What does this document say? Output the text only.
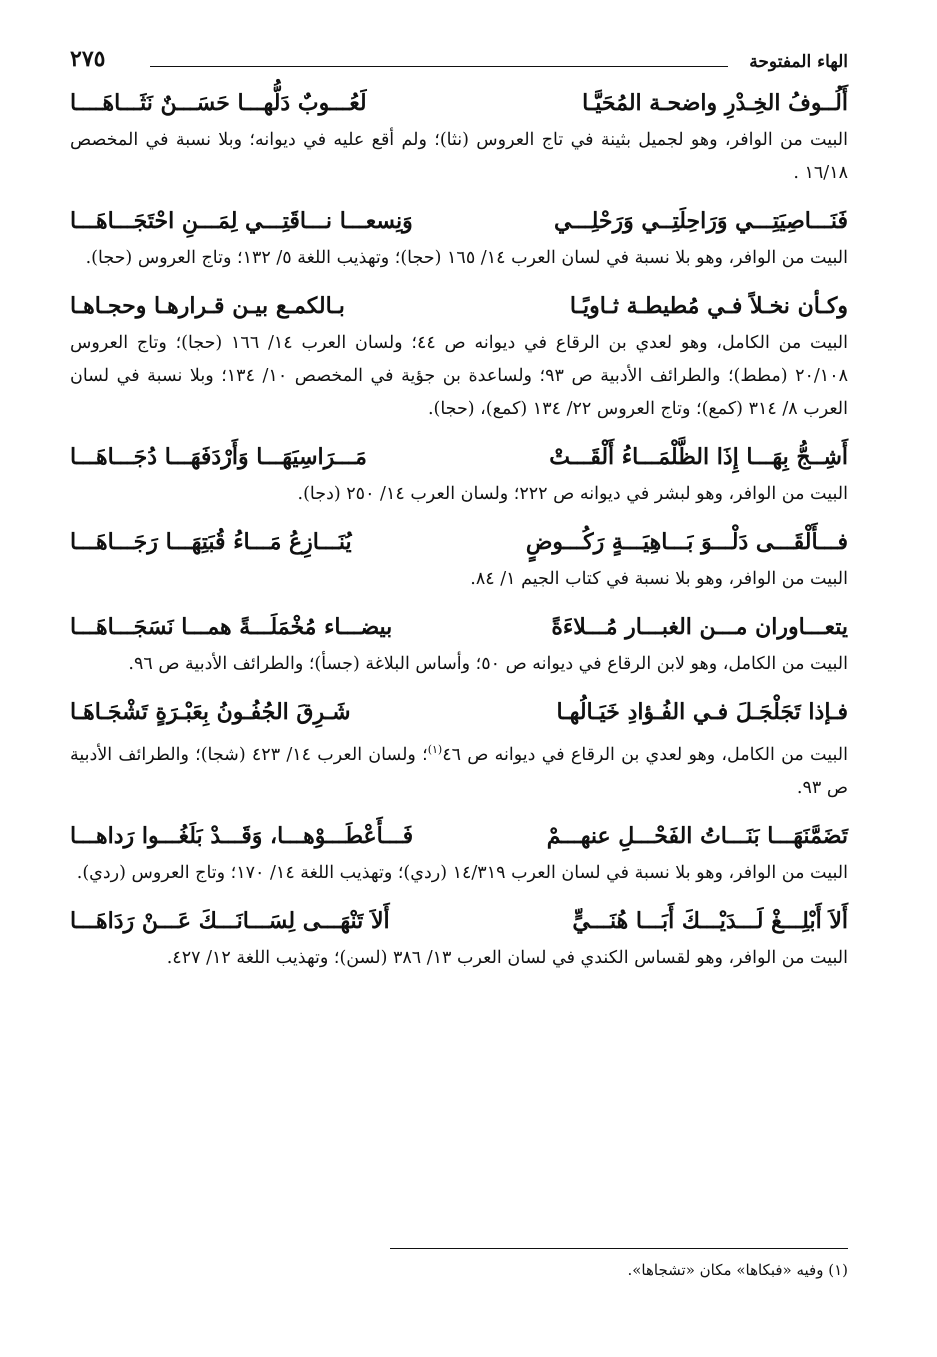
الهاء المفتوحة
٢٧٥
أَلُــوفُ الخِـدْرِ واضحـة المُحَيَّـا
لَعُـــوبٌ دَلُّهـــا حَسَـــنٌ نَثَـــاهَــــا
البيت من الوافر، وهو لجميل بثينة في تاج العروس (نثا)؛ ولم أقع عليه في ديوانه؛ وبلا نسبة في المخصص ١٦/١٨ .
فَنَـــاصِيَتِـــي وَرَاحِلَتِــي وَرَحْلِـــي
وَنِسعـــا نـــاقَتِـــي لِمَـــنِ احْتَجَـــاهَـــا
البيت من الوافر، وهو بلا نسبة في لسان العرب ١٤/ ١٦٥ (حجا)؛ وتهذيب اللغة ٥/ ١٣٢؛ وتاج العروس (حجا).
وكـأن نخـلاً فـي مُطيطـة ثـاويًـا
بـالكمـع بيـن قـرارهـا وحجـاهـا
البيت من الكامل، وهو لعدي بن الرقاع في ديوانه ص ٤٤؛ ولسان العرب ١٤/ ١٦٦ (حجا)؛ وتاج العروس ٢٠/١٠٨ (مطط)؛ والطرائف الأدبية ص ٩٣؛ ولساعدة بن جؤية في المخصص ١٠/ ١٣٤؛ وبلا نسبة في لسان العرب ٨/ ٣١٤ (كمع)؛ وتاج العروس ٢٢/ ١٣٤ (كمع)، (حجا).
أَشِــجُّ بِهَـــا إِذَا الظَّلْمَـــاءُ أَلْقَـــتْ
مَـــرَاسِيَهَـــا وَأَرْدَفَهَـــا دُجَـــاهَـــا
البيت من الوافر، وهو لبشر في ديوانه ص ٢٢٢؛ ولسان العرب ١٤/ ٢٥٠ (دجا).
فـــأَلْقَـــى دَلْـــوَ بَـــاهِيَـــةٍ رَكُـــوضٍ
يُنَـــازِعُ مَـــاءُ قُبَتِهَـــا رَجَـــاهَـــا
البيت من الوافر، وهو بلا نسبة في كتاب الجيم ١/ ٨٤.
يتعـــاوران مـــن الغبـــار مُـــلاءَةً
بيضـــاء مُخْمَلَـــةً همـــا نَسَجَـــاهَـــا
البيت من الكامل، وهو لابن الرقاع في ديوانه ص ٥٠؛ وأساس البلاغة (جسأ)؛ والطرائف الأدبية ص ٩٦.
فـإذا تَجَلْجَـلَ فـي الفُـؤادِ خَيَـالُهـا
شَـرِقَ الجُفُـونُ بِعَبْـرَةٍ تَشْجَـاهَـا
البيت من الكامل، وهو لعدي بن الرقاع في ديوانه ص ٤٦$^{(١)}$؛ ولسان العرب ١٤/ ٤٢٣ (شجا)؛ والطرائف الأدبية ص ٩٣.
تَضَمَّنَهَـــا بَنَـــاتُ الفَحْـــلِ عنهـــمْ
فَـــأَعْطَـــوْهـــا، وَقَـــدْ بَلَغُـــوا رَداهـــا
البيت من الوافر، وهو بلا نسبة في لسان العرب ١٤/٣١٩ (ردي)؛ وتهذيب اللغة ١٤/ ١٧٠؛ وتاج العروس (ردي).
أَلاَ أَبْلِـــغْ لَـــدَيْـــكَ أَبَـــا هُنَـــيٍّ
أَلاَ تَنْهَـــى لِسَـــانَـــكَ عَـــنْ رَدَاهَـــا
البيت من الوافر، وهو لقساس الكندي في لسان العرب ١٣/ ٣٨٦ (لسن)؛ وتهذيب اللغة ١٢/ ٤٢٧.
(١) وفيه «فبكاها» مكان «تشجاها».
